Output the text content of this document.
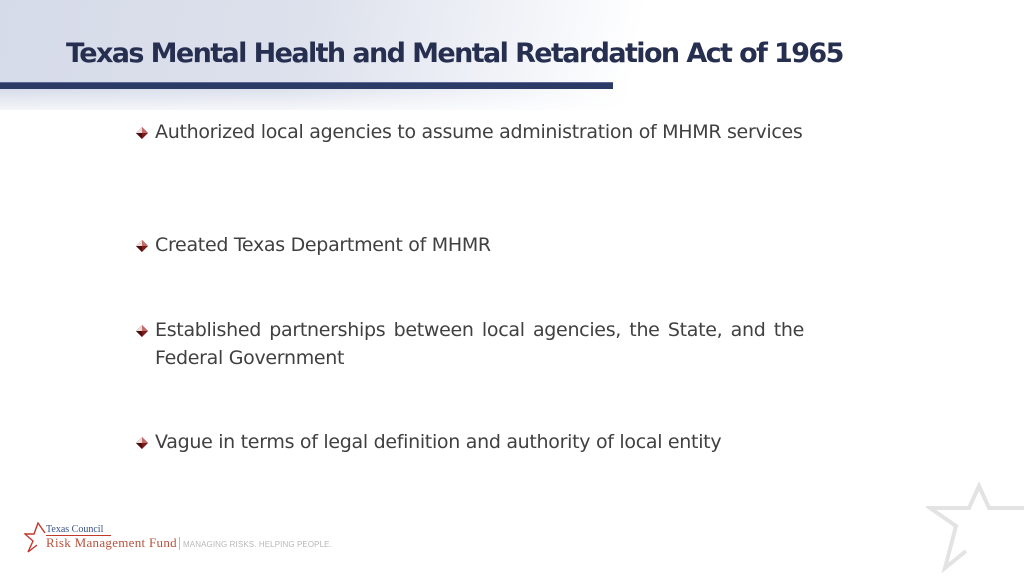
Texas Mental Health and Mental Retardation Act of 1965
Authorized local agencies to assume administration of MHMR services
Created Texas Department of MHMR
Established partnerships between local agencies, the State, and the Federal Government
Vague in terms of legal definition and authority of local entity
Texas Council
Risk Management Fund MANAGING RISKS. HELPING PEOPLE.
